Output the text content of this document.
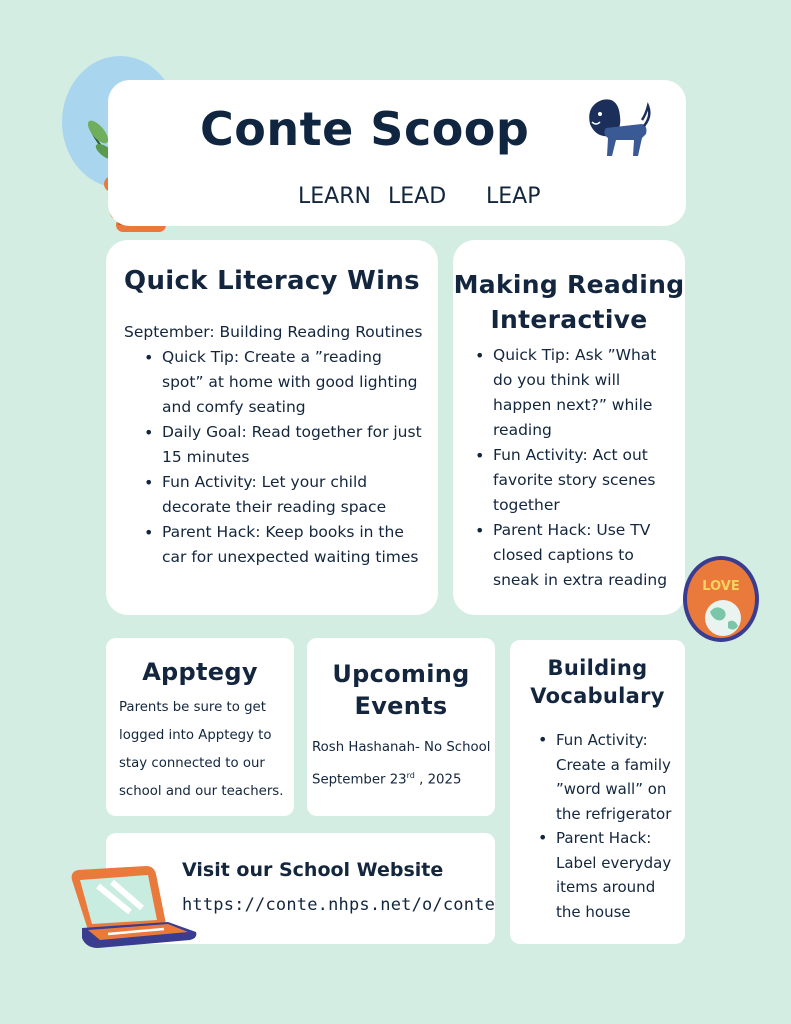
Conte Scoop
LEARN LEAD	LEAP
Quick Literacy Wins
September: Building Reading Routines
• Quick Tip: Create a ”reading spot” at home with good lighting and comfy seating
• Daily Goal: Read together for just 15 minutes
• Fun Activity: Let your child decorate their reading space
• Parent Hack: Keep books in the car for unexpected waiting times
Making Reading
Interactive
• Quick Tip: Ask ”What do you think will happen next?” while reading
• Fun Activity: Act out favorite story scenes together
• Parent Hack: Use TV closed captions to sneak in extra reading	LOVE
Apptegy
Parents be sure to get
logged into Apptegy to
stay connected to our
school and our teachers.
Upcoming
Events
Rosh Hashanah- No School
September 23rd , 2025
Building
Vocabulary
• Fun Activity: Create a family ”word wall” on the refrigerator
• Parent Hack: Label everyday items around the house
Visit our School Website
https://conte.nhps.net/o/conte
